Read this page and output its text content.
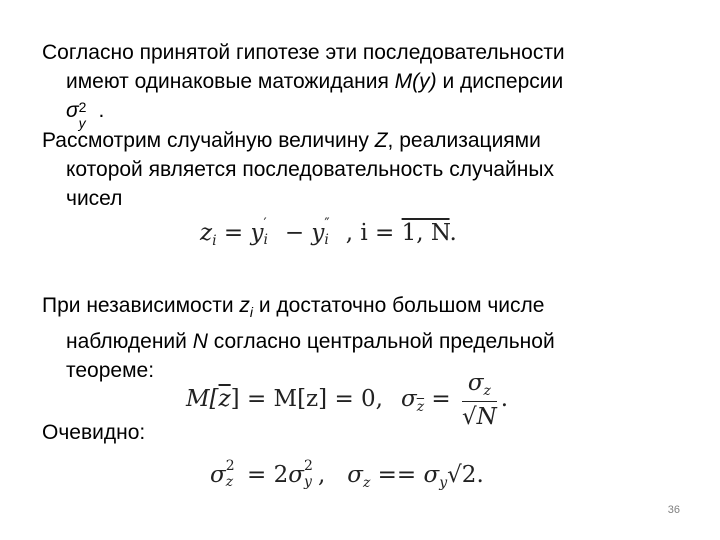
Согласно принятой гипотезе эти последовательности
имеют одинаковые матожидания M(y) и дисперсии
σ 2
y
.
Рассмотрим случайную величину Z, реализациями
которой является последовательность случайных
чисел
$z_i = y$ ′
i − y ″
i , i = 1, N.
При независимости $z_i$ и достаточно большом числе
наблюдений N согласно центральной предельной
теореме:
$M[\overline{z}] = M[z] = 0$, $\sigma_{\overline{z}} = \frac{\sigma_z}{√N}$ .
Очевидно:
σ 2
z = 2σ 2
y , $\sigma_z == \sigma_y√2$.
36
